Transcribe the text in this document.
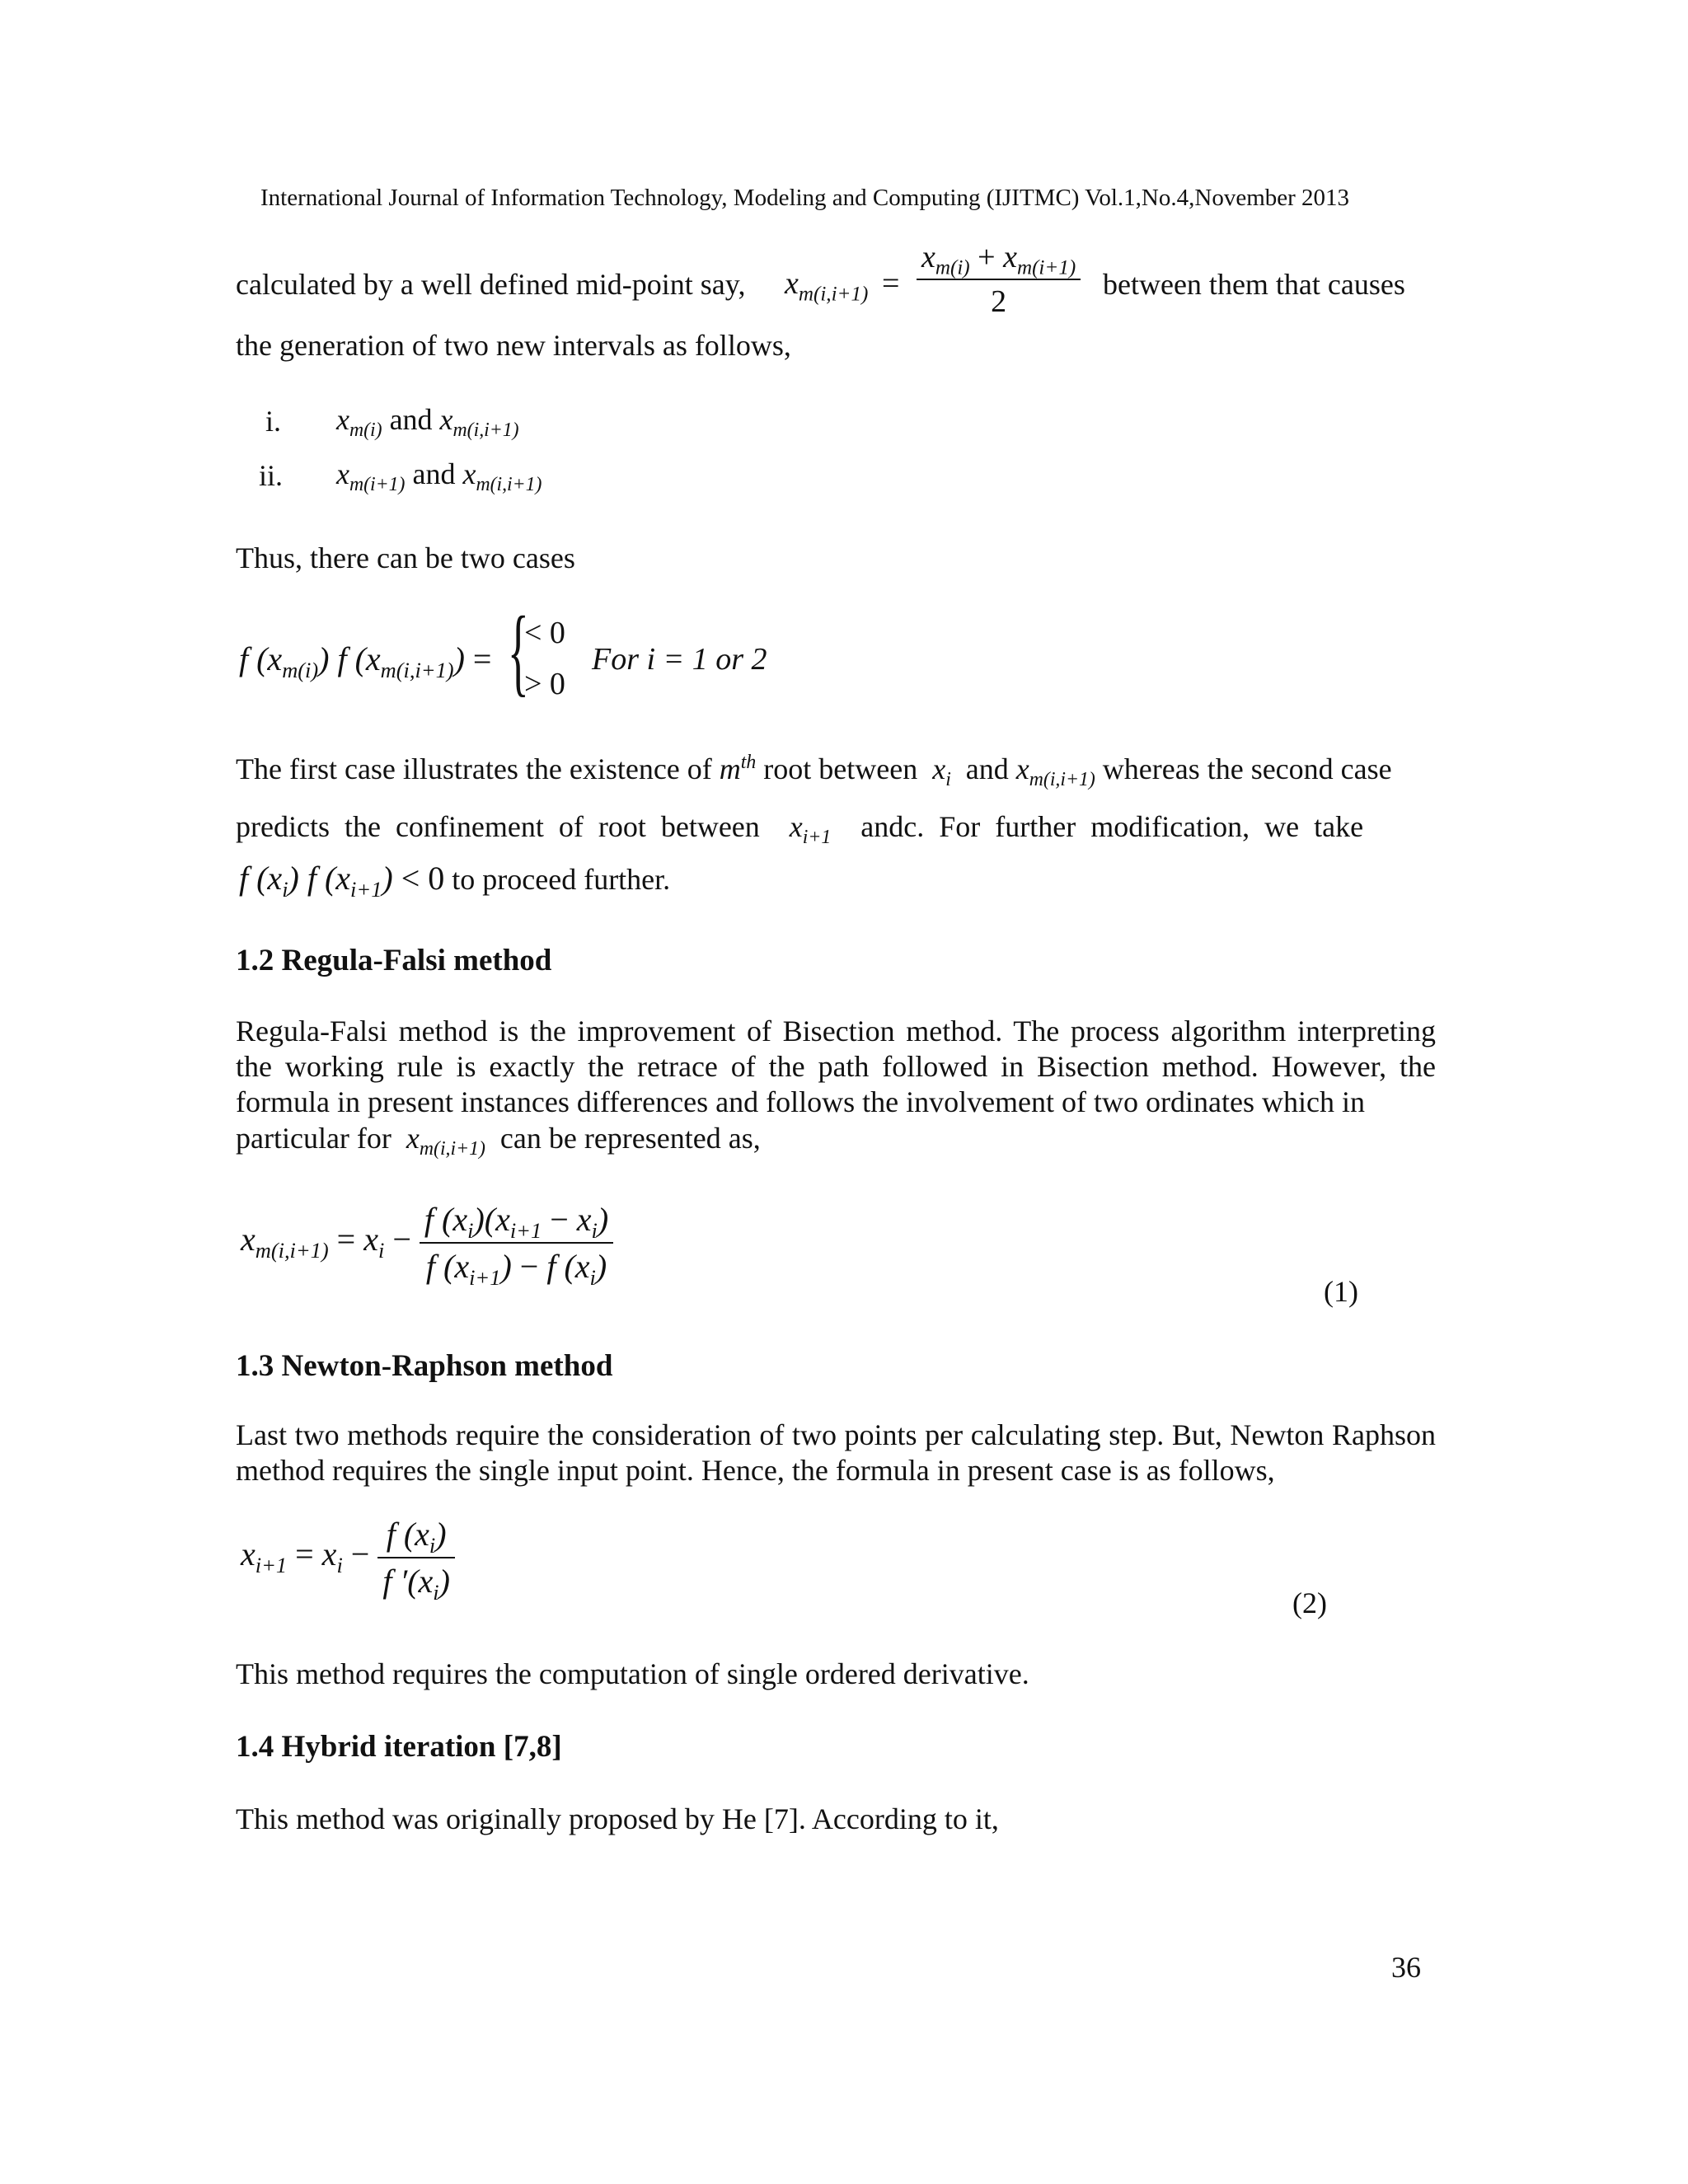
International Journal of Information Technology, Modeling and Computing (IJITMC) Vol.1,No.4,November 2013
calculated by a well defined mid-point say, $x_{m(i,i+1)} = \frac{x_{m(i)} + x_{m(i+1)}}{2}$ between them that causes
the generation of two new intervals as follows,
i. $x_{m(i)}$ and $x_{m(i,i+1)}$
ii. $x_{m(i+1)}$ and $x_{m(i,i+1)}$
Thus, there can be two cases
f $(x_{m(i)})$ f $(x_{m(i,i+1)})$ = {
< 0
> 0
For i = 1 or 2
The first case illustrates the existence of $m^{th}$ root between  $x_i$ and $x_{m(i,i+1)}$ whereas the second case
predicts the confinement of root between  $x_{i+1}$ andc. For further modification, we take
f $(x_i)$ f $(x_{i+1}) < 0$ to proceed further.
1.2 Regula-Falsi method
Regula-Falsi method is the improvement of Bisection method. The process algorithm interpreting the working rule is exactly the retrace of the path followed in Bisection method. However, the formula in present instances differences and follows the involvement of two ordinates which in
particular for  $x_{m(i,i+1)}$ can be represented as,
$x_{m(i,i+1)} = x_i - \frac{f (x_i)(x_{i+1} - x_i)}{f (x_{i+1}) - f (x_i)}$
(1)
1.3 Newton-Raphson method
Last two methods require the consideration of two points per calculating step. But, Newton Raphson method requires the single input point. Hence, the formula in present case is as follows,
$x_{i+1} = x_i - \frac{f (x_i)}{f '(x_i)}$
(2)
This method requires the computation of single ordered derivative.
1.4 Hybrid iteration [7,8]
This method was originally proposed by He [7]. According to it,
36
